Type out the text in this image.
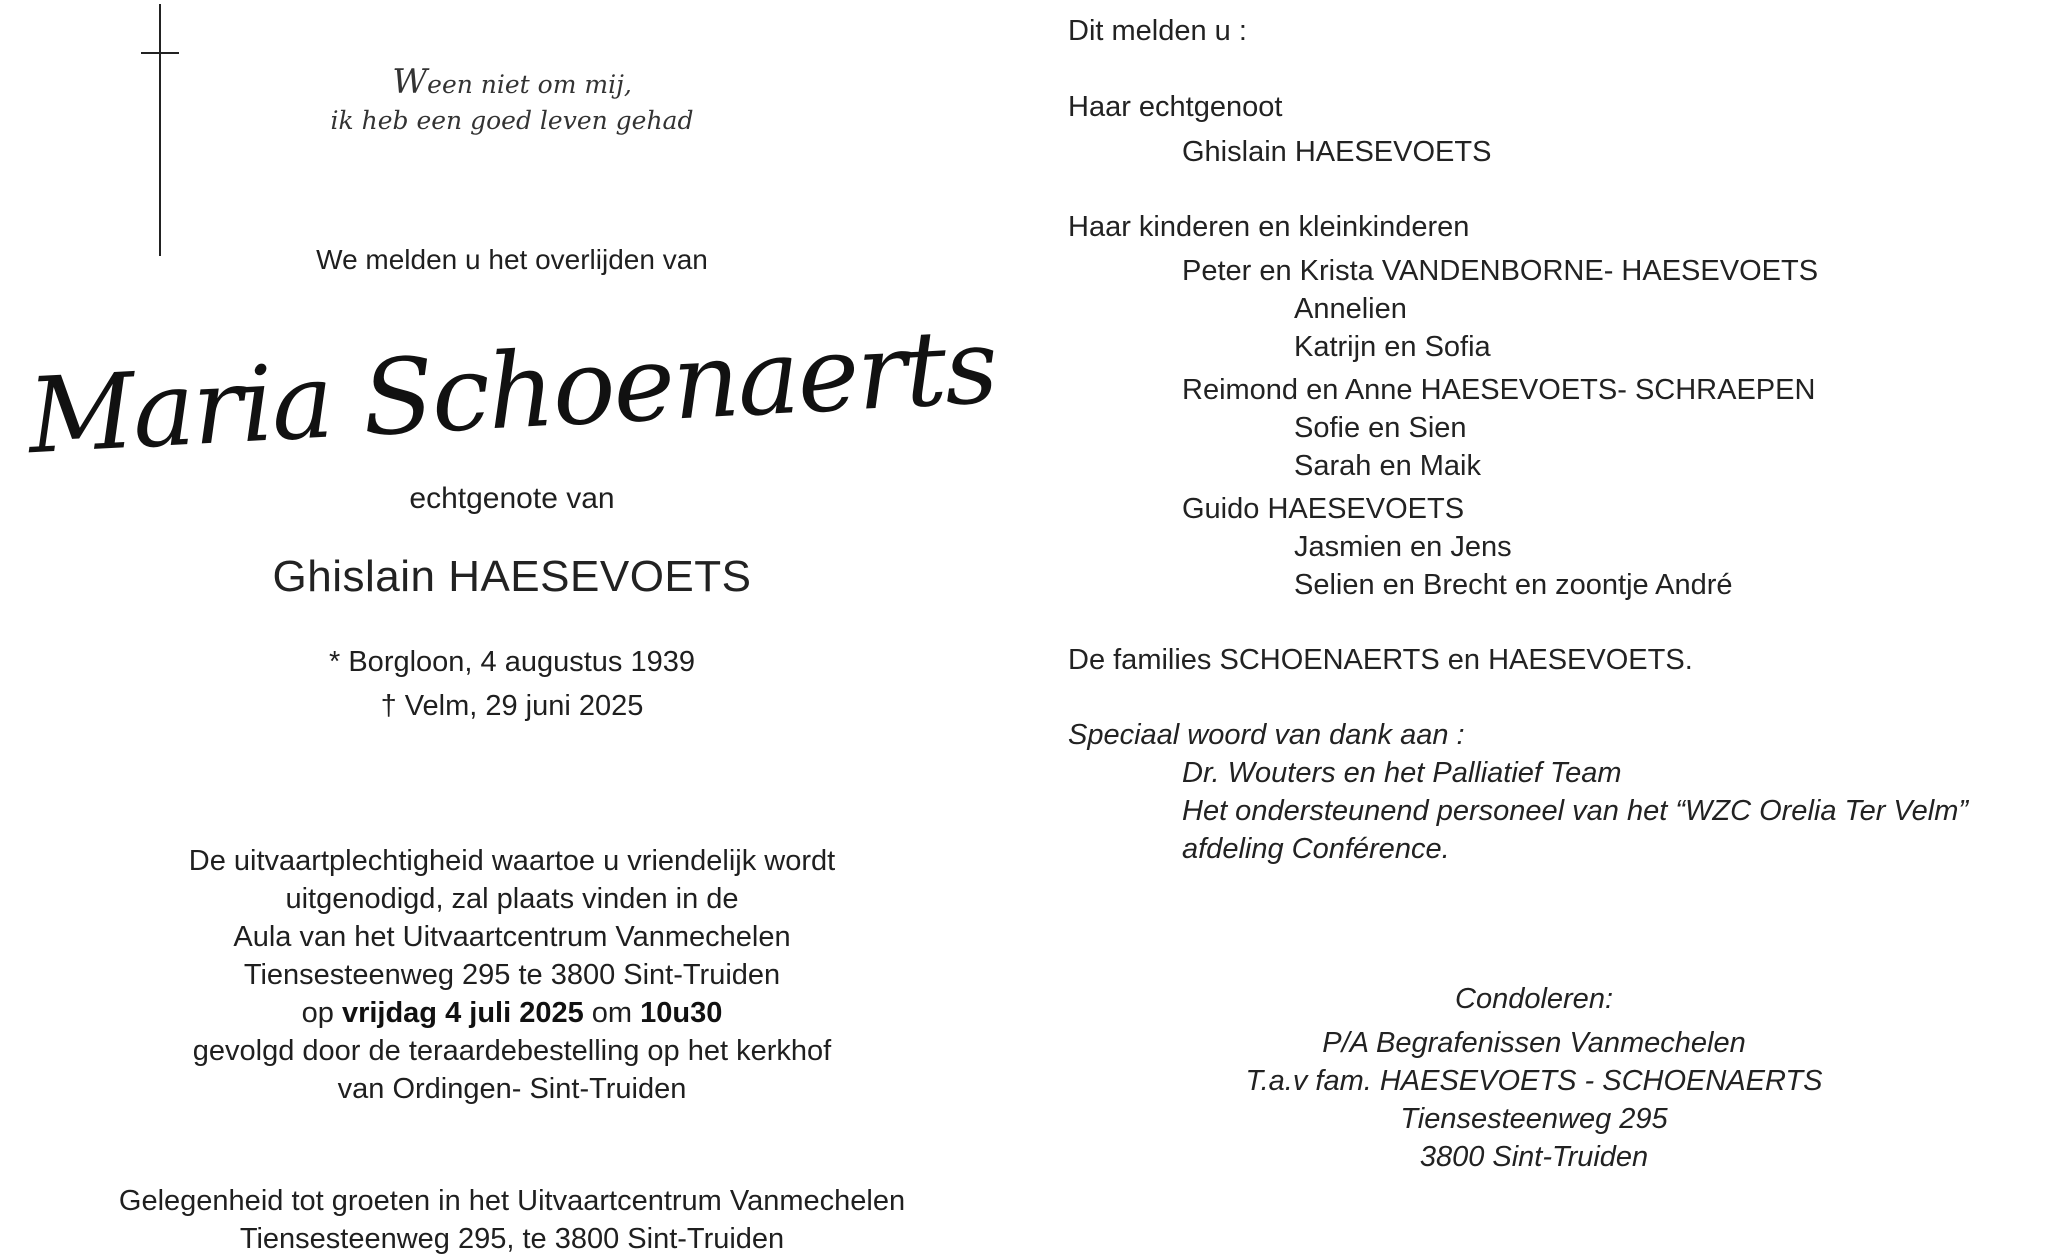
Ween niet om mij,
ik heb een goed leven gehad
We melden u het overlijden van
Maria Schoenaerts
echtgenote van
Ghislain HAESEVOETS
* Borgloon, 4 augustus 1939
† Velm, 29 juni 2025
De uitvaartplechtigheid waartoe u vriendelijk wordt
uitgenodigd, zal plaats vinden in de
Aula van het Uitvaartcentrum Vanmechelen
Tiensesteenweg 295 te 3800 Sint-Truiden
op vrijdag 4 juli 2025 om 10u30
gevolgd door de teraardebestelling op het kerkhof
van Ordingen- Sint-Truiden
Gelegenheid tot groeten in het Uitvaartcentrum Vanmechelen
Tiensesteenweg 295, te 3800 Sint-Truiden
Dit melden u :
Haar echtgenoot
Ghislain HAESEVOETS
Haar kinderen en kleinkinderen
Peter en Krista VANDENBORNE- HAESEVOETS
Annelien
Katrijn en Sofia
Reimond en Anne HAESEVOETS- SCHRAEPEN
Sofie en Sien
Sarah en Maik
Guido HAESEVOETS
Jasmien en Jens
Selien en Brecht en zoontje André
De families SCHOENAERTS en HAESEVOETS.
Speciaal woord van dank aan :
Dr. Wouters en het Palliatief Team
Het ondersteunend personeel van het “WZC Orelia Ter Velm”
afdeling Conférence.
Condoleren:
P/A Begrafenissen Vanmechelen
T.a.v fam. HAESEVOETS - SCHOENAERTS
Tiensesteenweg 295
3800 Sint-Truiden
